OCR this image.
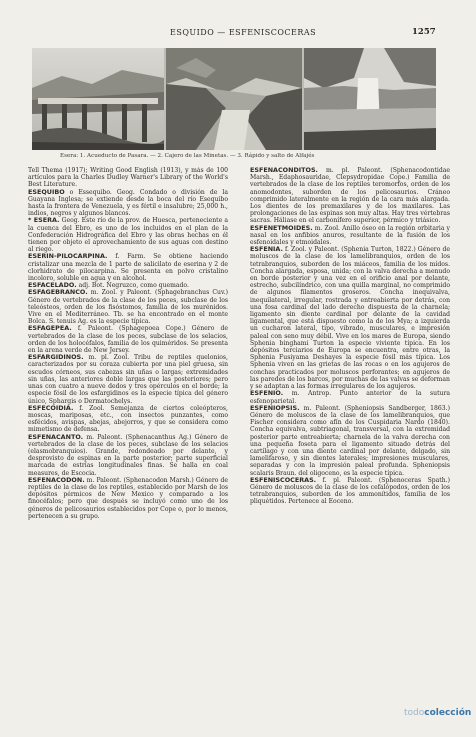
ESQUIDO — ESFENISCOCERAS	1257
Esera: 1. Acueducto de Pasara. — 2. Cajero de las Minetas. — 3. Rápido y salto de Alfajés

Tell Thema (1917); Writing Good English (1913), y más de 100 artículos para la Charles Dudley Warner's Library of the World's Best Literature.

ESEQUIBO o Essequibo. Geog. Condado o división de la Guayana Inglesa; se extiende desde la boca del río Esequibo hasta la frontera de Venezuela, y es fértil e insalubre; 25,000 h., indios, negros y algunos blancos.

* ESERA. Geog. Este río de la prov. de Huesca, perteneciente a la cuenca del Ebro, es uno de los incluidos en el plan de la Confederación Hidrográfica del Ebro y las obras hechas en él tienen por objeto el aprovechamiento de sus aguas con destino al riego.

ESERIN-PILOCARPINA. f. Farm. Se obtiene haciendo cristalizar una mezcla de 1 parte de salicilato de eserina y 2 de clorhidrato de pilocarpina. Se presenta en polvo cristalino incoloro, soluble en agua y en alcohol.

ESFACELADO. adj. Bot. Negruzco, como quemado.

ESFAGEBRANCO. m. Zool. y Paleont. (Sphagebranchus Cuv.) Género de vertebrados de la clase de los peces, subclase de los teleósteos, orden de los fisóstomos, familia de los murénidos. Vive en el Mediterráneo. Tb. se ha encontrado en el monte Bolca. S. tenuis Ag. es la especie típica.

ESFAGEPEA. f. Paleont. (Sphagepoea Cope.) Género de vertebrados de la clase de los peces, subclase de los selacios, orden de los holocéfalos, familia de los quiméridos. Se presenta en la arena verde de New Jersey.

ESFARGIDINOS. m. pl. Zool. Tribu de reptiles quelonios, caracterizados por su coraza cubierta por una piel gruesa, sin escudos córneos, sus cabezas sin uñas o largas; extremidades sin uñas, las anteriores doble largas que las posteriores; pero unas con cuatro a nueve dedos y tres opérculos en el borde; la especie fósil de los esfargidinos es la especie típica del género único, Sphargis o Dermatochelys.

ESFECOIDIA. f. Zool. Semejanza de ciertos coleópteros, moscas, mariposas, etc., con insectos punzantes, como esfécidos, avispas, abejas, abejorros, y que se considera como mimetismo de defensa.

ESFENACANTO. m. Paleont. (Sphenacanthus Ag.) Género de vertebrados de la clase de los peces, subclase de los selacios (elasmobranquios). Grande, redondeado por delante, y desprovisto de espinas en la parte posterior; parte superficial marcada de estrías longitudinales finas. Se halla en coal measures, de Escocia.

ESFENACODON. m. Paleont. (Sphenacodon Marsh.) Género de reptiles de la clase de los reptiles, establecido por Marsh de los depósitos pérmicos de New Mexico y comparado a los finocéfalos; pero que después se incluyó como uno de los géneros de pelicosaurios establecidos por Cope o, por lo menos, pertenecen a su grupo.

ESFENACÓNDITOS. m. pl. Paleont. (Sphenacodontidae Marsh., Edaphosauridae, Clepsydropidae Cope.) Familia de vertebrados de la clase de los reptiles teromorfos, orden de los anomodontes, suborden de los pelicosaurios. Cráneo comprimido lateralmente en la región de la cara más alargada. Los dientes de los premaxilares y de los maxilares. Las prolongaciones de las espinas son muy altas. Hay tres vértebras sacras. Háliase en el carbonífero superior, pérmico y triásico.

ESFENETMOIDES. m. Zool. Anillo óseo en la región orbitaria y nasal en los anfibios anuros, resultante de la fusión de los esfenoidales y etmoidales.

ESFENIA. f. Zool. y Paleont. (Sphenia Turton, 1822.) Género de moluscos de la clase de los lamelibranquios, orden de los tetrabranquios, suborden de los miáceos, familia de los mídos. Concha alargada, esposa, unida; con la valva derecha a menudo en borde posterior y una vez en el orificio anal por delante, estrecho, subcilíndrico, con una quilla marginal, no comprimido de algunos filamentos groseros. Concha inequivalva, inequilateral, irregular, rostrada y entreabierta por detrás, con una fosa cardinal del lado derecho dispuesta de la charnela; ligamento sin diente cardinal por delante de la cavidad ligamental, que está dispuesto como la de los Mya; a izquierda un cucharon lateral, tipo, vibrado, musculares, e impresión paleal con seno muy débil. Vive en los mares de Europa, siendo Sphenia binghami Turton la especie viviente típica. En los depósitos terciarios de Europa se encuentra, entre otras, la Sphenia Fusiyama Deshayes la especie fósil más típica. Los Sphenia viven en las grietas de las rocas o en los agujeros de conchas practicados por moluscos perforantes; en agujeros de las paredes de los barcos, por muchas de las valvas se deforman y se adaptan a las formas irregulares de los agujeros.

ESFENIO. m. Antrop. Punto anterior de la sutura esfenoparietal.

ESFENIOPSIS. m. Paleont. (Spheniopsis Sandberger, 1863.) Género de moluscos de la clase de los lamelibranquios, que Fischer considera como afín de los Cuspidaria Nardo (1840). Concha equivalva, subtriagonal, transversal, con la extremidad posterior parte entreabierta; charnela de la valva derecha con una pequeña foseta para el ligamento situado detrás del cartílago y con una diente cardinal por delante, delgado, sin lamelifaroso, y sin dientes laterales; impresiones musculares, separadas y con la impresión paleal profunda. Spheniopsis scalaris Braun. del oligoceno, es la especie típica.

ESFENISCOCERAS. f. pl. Paleont. (Sphenoceras Spath.) Género de moluscos de la clase de los cefalópodos, orden de los tetrabranquios, suborden de los ammonítidos, familia de los pliquétidos. Pertenece al Eoceno.

todocolección
